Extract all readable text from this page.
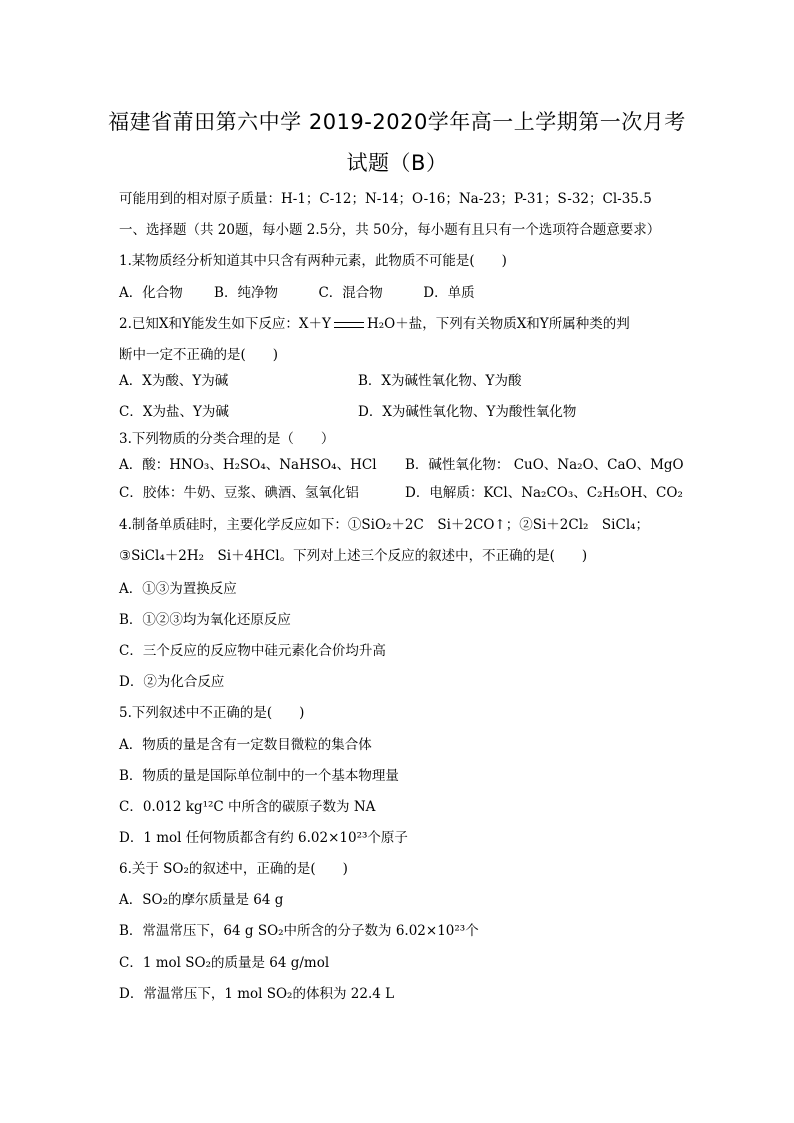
福建省莆田第六中学 2019-2020学年高一上学期第一次月考
试题（B）
可能用到的相对原子质量：H-1；C-12；N-14；O-16；Na-23；P-31；S-32；Cl-35.5
一、选择题（共 20题，每小题 2.5分，共 50分，每小题有且只有一个选项符合题意要求）
1.某物质经分析知道其中只含有两种元素，此物质不可能是(　　)
A．化合物　　 B．纯净物　　　C．混合物　　　D．单质
2.已知X和Y能发生如下反应：X＋Y	H₂O＋盐，下列有关物质X和Y所属种类的判
断中一定不正确的是(　　)
A．X为酸、Y为碱	B．X为碱性氧化物、Y为酸
C．X为盐、Y为碱	D．X为碱性氧化物、Y为酸性氧化物
3.下列物质的分类合理的是（　　）
A．酸：HNO₃、H₂SO₄、NaHSO₄、HCl B．碱性氧化物： CuO、Na₂O、CaO、MgO
C．胶体：牛奶、豆浆、碘酒、氢氧化铝	D．电解质：KCl、Na₂CO₃、C₂H₅OH、CO₂
4.制备单质硅时，主要化学反应如下：①SiO₂＋2C　Si＋2CO↑；②Si＋2Cl₂　SiCl₄；
③SiCl₄＋2H₂　Si＋4HCl。下列对上述三个反应的叙述中，不正确的是(　　)
A．①③为置换反应
B．①②③均为氧化还原反应
C．三个反应的反应物中硅元素化合价均升高
D．②为化合反应
5.下列叙述中不正确的是(　　)
A．物质的量是含有一定数目微粒的集合体
B．物质的量是国际单位制中的一个基本物理量
C．0.012 kg¹²C 中所含的碳原子数为 NA
D．1 mol 任何物质都含有约 6.02×10²³个原子
6.关于 SO₂的叙述中，正确的是(　　)
A．SO₂的摩尔质量是 64 g
B．常温常压下，64 g SO₂中所含的分子数为 6.02×10²³个
C．1 mol SO₂的质量是 64 g/mol
D．常温常压下，1 mol SO₂的体积为 22.4 L
